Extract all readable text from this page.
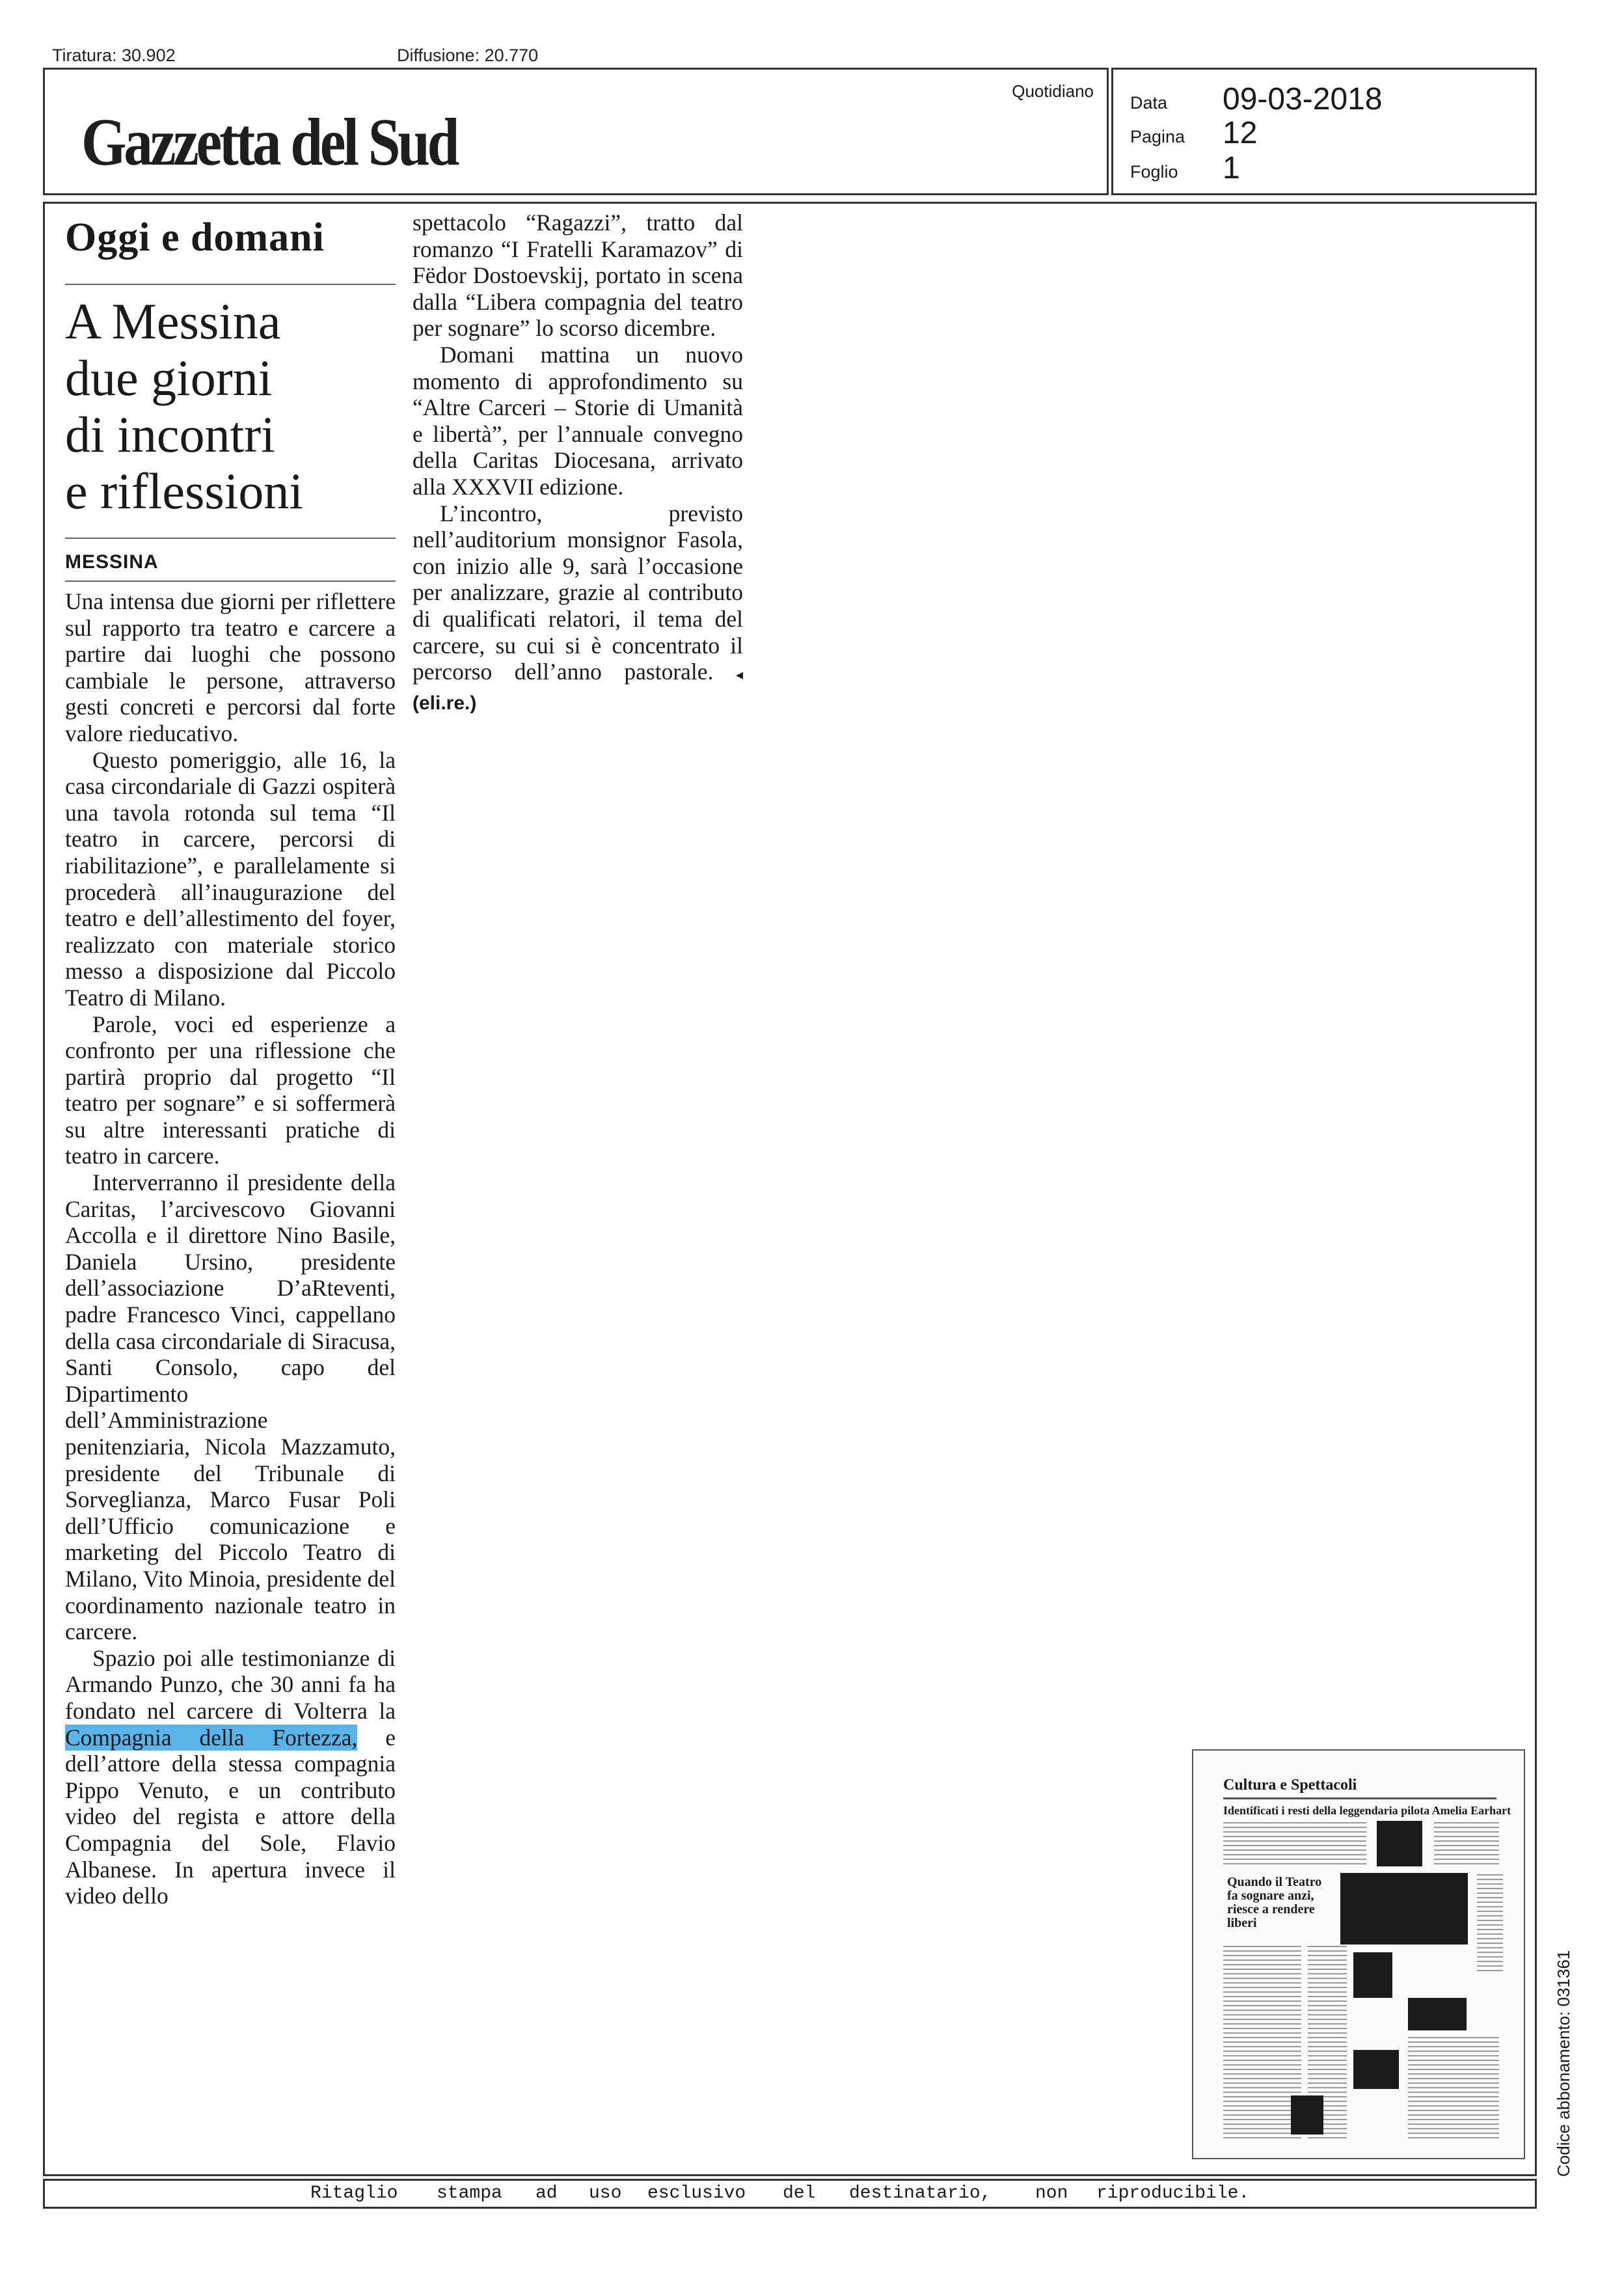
Tiratura: 30.902	Diffusione: 20.770
Gazzetta del Sud
Quotidiano
Data 09-03-2018
Pagina 12
Foglio 1
Oggi e domani
A Messina
due giorni
di incontri
e riflessioni
MESSINA

Una intensa due giorni per riflettere sul rapporto tra teatro e carcere a partire dai luoghi che possono cambiale le persone, attraverso gesti concreti e percorsi dal forte valore rieducativo.

Questo pomeriggio, alle 16, la casa circondariale di Gazzi ospiterà una tavola rotonda sul tema “Il teatro in carcere, percorsi di riabilitazione”, e parallelamente si procederà all’inaugurazione del teatro e dell’allestimento del foyer, realizzato con materiale storico messo a disposizione dal Piccolo Teatro di Milano.

Parole, voci ed esperienze a confronto per una riflessione che partirà proprio dal progetto “Il teatro per sognare” e si soffermerà su altre interessanti pratiche di teatro in carcere.

Interverranno il presidente della Caritas, l’arcivescovo Giovanni Accolla e il direttore Nino Basile, Daniela Ursino, presidente dell’associazione D’aRteventi, padre Francesco Vinci, cappellano della casa circondariale di Siracusa, Santi Consolo, capo del Dipartimento dell’Amministrazione penitenziaria, Nicola Mazzamuto, presidente del Tribunale di Sorveglianza, Marco Fusar Poli dell’Ufficio comunicazione e marketing del Piccolo Teatro di Milano, Vito Minoia, presidente del coordinamento nazionale teatro in carcere.

Spazio poi alle testimonianze di Armando Punzo, che 30 anni fa ha fondato nel carcere di Volterra la Compagnia della Fortezza, e dell’attore della stessa compagnia Pippo Venuto, e un contributo video del regista e attore della Compagnia del Sole, Flavio Albanese. In apertura invece il video dello

spettacolo “Ragazzi”, tratto dal romanzo “I Fratelli Karamazov” di Fëdor Dostoevskij, portato in scena dalla “Libera compagnia del teatro per sognare” lo scorso dicembre.

Domani mattina un nuovo momento di approfondimento su “Altre Carceri – Storie di Umanità e libertà”, per l’annuale convegno della Caritas Diocesana, arrivato alla XXXVII edizione.

L’incontro, previsto nell’auditorium monsignor Fasola, con inizio alle 9, sarà l’occasione per analizzare, grazie al contributo di qualificati relatori, il tema del carcere, su cui si è concentrato il percorso dell’anno pastorale. ◂ (eli.re.)

Cultura e Spettacoli
Identificati i resti della leggendaria pilota Amelia Earhart
Quando il Teatro fa sognare anzi, riesce a rendere liberi
Codice abbonamento: 031361
Ritaglio stampa ad uso esclusivo del destinatario, non riproducibile.
